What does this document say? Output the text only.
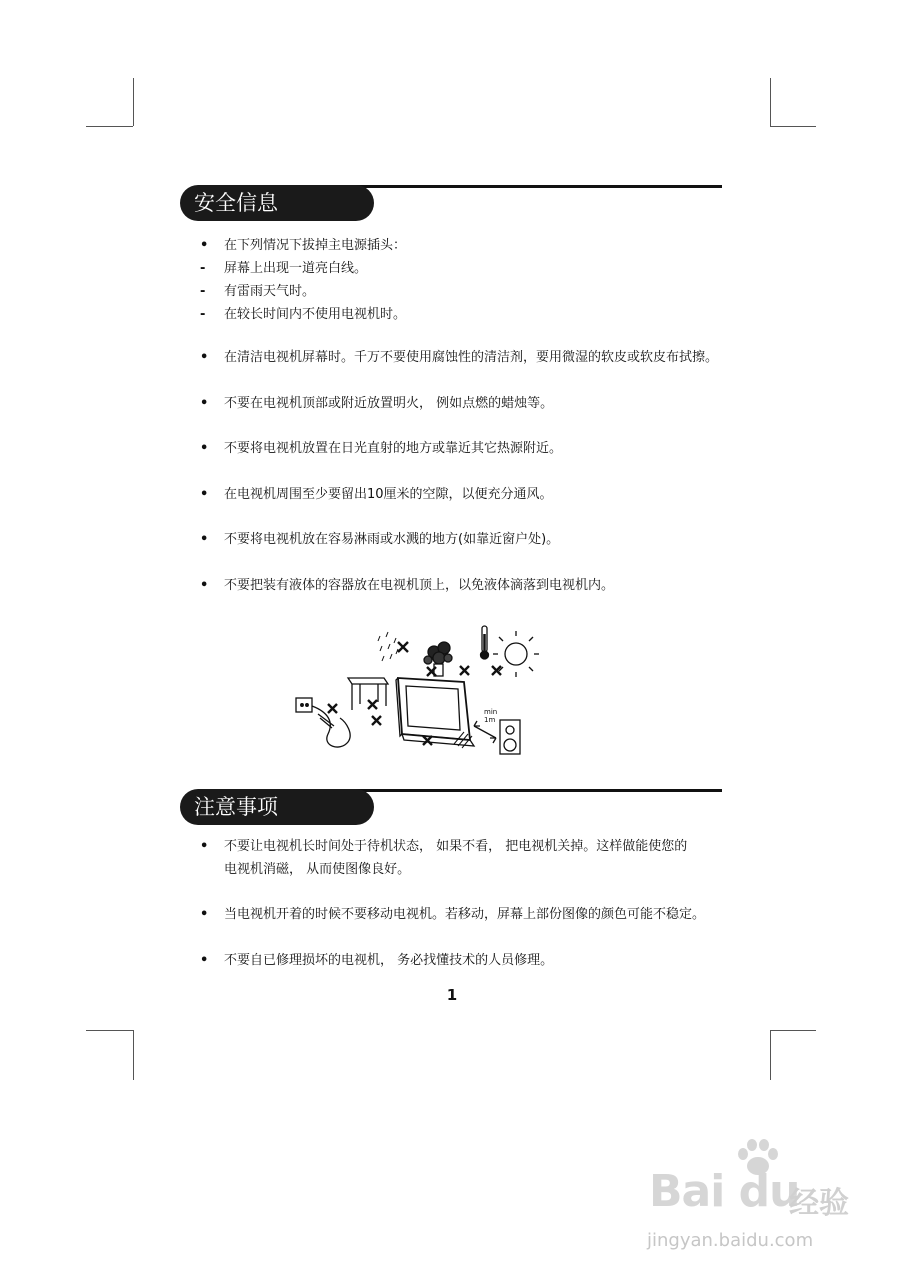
安全信息
• 在下列情况下拔掉主电源插头：
- 屏幕上出现一道亮白线。
- 有雷雨天气时。
- 在较长时间内不使用电视机时。
• 在清洁电视机屏幕时。千万不要使用腐蚀性的清洁剂，要用微湿的软皮或软皮布拭擦。
• 不要在电视机顶部或附近放置明火， 例如点燃的蜡烛等。
• 不要将电视机放置在日光直射的地方或靠近其它热源附近。
• 在电视机周围至少要留出10厘米的空隙，以便充分通风。
• 不要将电视机放在容易淋雨或水溅的地方(如靠近窗户处)。
• 不要把装有液体的容器放在电视机顶上，以免液体滴落到电视机内。
min
1m
注意事项
• 不要让电视机长时间处于待机状态， 如果不看， 把电视机关掉。这样做能使您的
电视机消磁， 从而使图像良好。
• 当电视机开着的时候不要移动电视机。若移动，屏幕上部份图像的颜色可能不稳定。
• 不要自已修理损坏的电视机， 务必找懂技术的人员修理。
1
Bai du
经验
jingyan.baidu.com
